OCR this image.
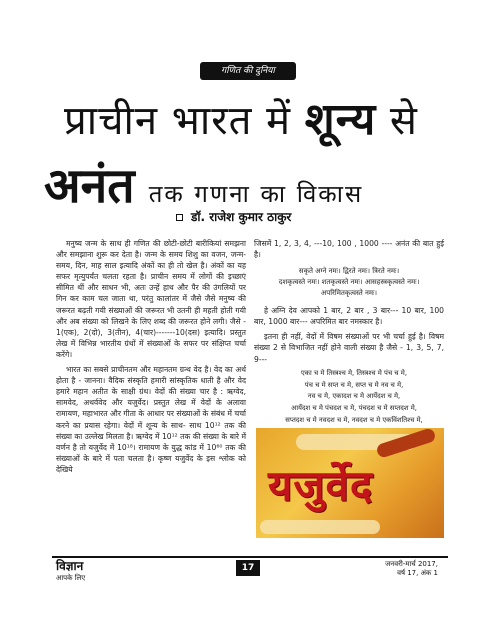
गणित की दुनिया
प्राचीन भारत में शून्य से
अनंत तक गणना का विकास
डॉ. राजेश कुमार ठाकुर

मनुष्य जन्म के साथ ही गणित की छोटी-छोटी बारीकियां समझना और समझाना शुरू कर देता है। जन्म के समय शिशु का वजन, जन्म-समय, दिन, माह साल इत्यादि अंकों का ही तो खेल है। अंकों का यह सफर मृत्युपर्यंत चलता रहता है। प्राचीन समय में लोगों की इच्छाएं सीमित थीं और साधन भी, अतः उन्हें हाथ और पैर की उंगलियों पर गिन कर काम चल जाता था, परंतु कालांतर में जैसे जैसे मनुष्य की जरूरत बढ़ती गयी संख्याओं की जरूरत भी उतनी ही महती होती गयी और अब संख्या को लिखने के लिए शब्द की जरूरत होने लगी। जैसे - 1(एक), 2(दो), 3(तीन), 4(चार)-------10(दस) इत्यादि। प्रस्तुत लेख में विभिन्न भारतीय ग्रंथों में संख्याओं के सफर पर संक्षिप्त चर्चा करेंगे।

भारत का सबसे प्राचीनतम और महानतम ग्रन्थ वेद है। वेद का अर्थ होता है - जानना। वैदिक संस्कृति हमारी सांस्कृतिक धाती है और वेद हमारे महान अतीत के साक्षी ग्रंथ। वेदों की संख्या चार है : ऋग्वेद, सामवेद, अथर्ववेद और यजुर्वेद। प्रस्तुत लेख में वेदों के अलावा रामायण, महाभारत और गीता के आधार पर संख्याओं के संबंध में चर्चा करने का प्रयास रहेगा। वेदों में शून्य के साथ- साथ 10¹² तक की संख्या का उल्लेख मिलता है। ऋग्वेद में 10¹² तक की संख्या के बारे में वर्णन है तो यजुर्वेद में 10¹⁸। रामायण के युद्ध कांड में 10⁶⁰ तक की संख्याओं के बारे में पता चलता है। कृष्ण यजुर्वेद के इस श्लोक को देखिये

जिसमें 1, 2, 3, 4, ---10, 100 , 1000 ---- अनंत की बात हुई है।

सकृते अग्ने नमः। द्विरते नमः। त्रिरते नमः।
दशकृत्वस्ते नमः। शतकृत्वस्ते नमः। आसहस्त्रकृत्वस्ते नमः।
अपरिमितकृत्वस्ते नमः।

हे अग्नि देव आपको 1 बार, 2 बार , 3 बार--- 10 बार, 100 बार, 1000 बार--- अपरिमित बार नमस्कार है।

इतना ही नहीं, वेदों में विषम संख्याओं पर भी चर्चा हुई है। विषम संख्या 2 से विभाजित नहीं होने वाली संख्या है जैसे - 1, 3, 5, 7, 9---

एका च मे तिस्त्रश्च मे, तिस्त्रश्च मे पंच च मे,
पंच च मे सप्त च मे, सप्त च मे नव च मे,
नव च मे, एकादश च मे आर्येदश च मे,
आर्येदश च मे पंचदश च मे, पंचदश च मे सप्तदश मे,
सप्तदश च मे नवदश च मे, नवदश च मे एकविंशतिश्च मे,
यजुर्वेद
विज्ञान
आपके लिए
17	जनवरी-मार्च 2017,
वर्ष 17, अंक 1
